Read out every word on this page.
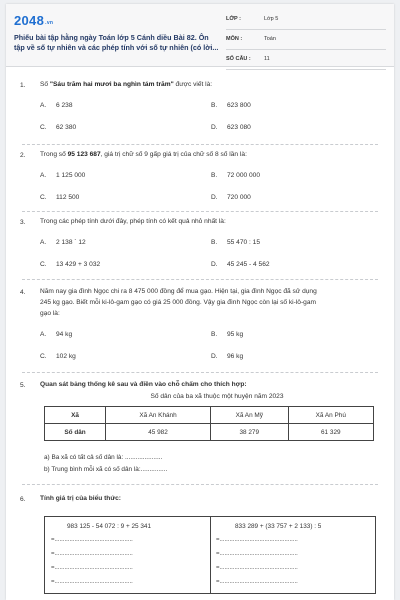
$2048^{.vn}$
Phiếu bài tập hằng ngày Toán lớp 5 Cánh diều Bài 82. Ôn
tập về số tự nhiên và các phép tính với số tự nhiên (có lời...
LỚP :	Lớp 5
MÔN :	Toán
SỐ CÂU : 11
1. Số "Sáu trăm hai mươi ba nghìn tám trăm" được viết là:
A. 6 238	B. 623 800
C. 62 380	D. 623 080
2. Trong số 95 123 687, giá trị chữ số 9 gấp giá trị của chữ số 8 số lần là:
A. 1 125 000	B. 72 000 000
C. 112 500	D. 720 000
3. Trong các phép tính dưới đây, phép tính có kết quả nhỏ nhất là:
A. 2 138 ´ 12	B. 55 470 : 15
C. 13 429 + 3 032	D. 45 245 - 4 562
4. Năm nay gia đình Ngọc chi ra 8 475 000 đồng để mua gạo. Hiện tại, gia đình Ngọc đã sử dụng
245 kg gạo. Biết mỗi ki-lô-gam gạo có giá 25 000 đồng. Vậy gia đình Ngọc còn lại số ki-lô-gam
gạo là:
A. 94 kg	B. 95 kg
C. 102 kg	D. 96 kg
5. Quan sát bảng thống kê sau và điền vào chỗ chấm cho thích hợp:
Số dân của ba xã thuộc một huyện năm 2023
Xã	Xã An Khánh	Xã An Mỹ	Xã An Phú
Số dân	45 982	38 279	61 329
a) Ba xã có tất cả số dân là: .....................
b) Trung bình mỗi xã có số dân là:...............
6. Tính giá trị của biểu thức:
983 125 - 54 072 : 9 + 25 341
=...............................................
=...............................................
=...............................................
=...............................................
833 289 + (33 757 + 2 133) : 5
=...............................................
=...............................................
=...............................................
=...............................................
